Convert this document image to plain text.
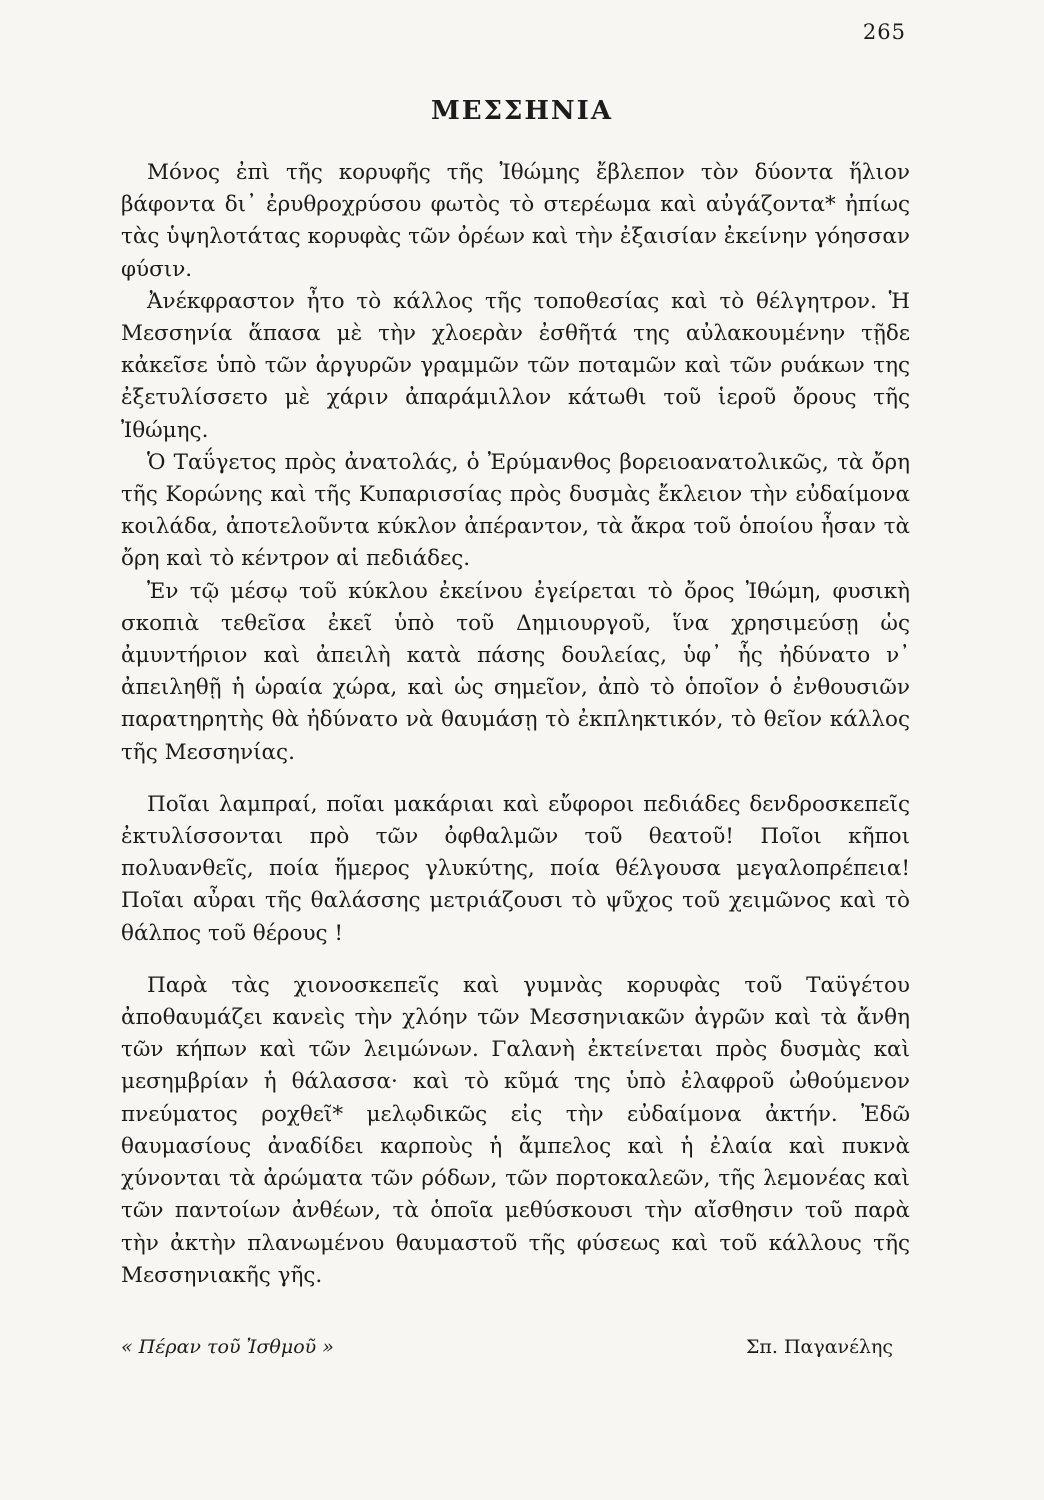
265
ΜΕΣΣΗΝΙΑ

Μόνος ἐπὶ τῆς κορυφῆς τῆς Ἰθώμης ἔβλεπον τὸν δύοντα ἥλιον βάφοντα δι᾽ ἐρυθροχρύσου φωτὸς τὸ στερέωμα καὶ αὐγάζοντα* ἠπίως τὰς ὑψηλοτάτας κορυφὰς τῶν ὀρέων καὶ τὴν ἐξαισίαν ἐκείνην γόησσαν φύσιν.

Ἀνέκφραστον ἦτο τὸ κάλλος τῆς τοποθεσίας καὶ τὸ θέλγητρον. Ἡ Μεσσηνία ἅπασα μὲ τὴν χλοερὰν ἐσθῆτά της αὐλακουμένην τῇδε κἀκεῖσε ὑπὸ τῶν ἀργυρῶν γραμμῶν τῶν ποταμῶν καὶ τῶν ρυάκων της ἐξετυλίσσετο μὲ χάριν ἀπαράμιλλον κάτωθι τοῦ ἱεροῦ ὄρους τῆς Ἰθώμης.

Ὁ Ταΰγετος πρὸς ἀνατολάς, ὁ Ἐρύμανθος βορειοανατολικῶς, τὰ ὄρη τῆς Κορώνης καὶ τῆς Κυπαρισσίας πρὸς δυσμὰς ἔκλειον τὴν εὐδαίμονα κοιλάδα, ἀποτελοῦντα κύκλον ἀπέραντον, τὰ ἄκρα τοῦ ὁποίου ἦσαν τὰ ὄρη καὶ τὸ κέντρον αἱ πεδιάδες.

Ἐν τῷ μέσῳ τοῦ κύκλου ἐκείνου ἐγείρεται τὸ ὄρος Ἰθώμη, φυσικὴ σκοπιὰ τεθεῖσα ἐκεῖ ὑπὸ τοῦ Δημιουργοῦ, ἵνα χρησιμεύσῃ ὡς ἀμυντήριον καὶ ἀπειλὴ κατὰ πάσης δουλείας, ὑφ᾽ ἧς ἠδύνατο ν᾽ ἀπειληθῇ ἡ ὡραία χώρα, καὶ ὡς σημεῖον, ἀπὸ τὸ ὁποῖον ὁ ἐνθουσιῶν παρατηρητὴς θὰ ἠδύνατο νὰ θαυμάσῃ τὸ ἐκπληκτικόν, τὸ θεῖον κάλλος τῆς Μεσσηνίας.

Ποῖαι λαμπραί, ποῖαι μακάριαι καὶ εὔφοροι πεδιάδες δενδροσκεπεῖς ἐκτυλίσσονται πρὸ τῶν ὀφθαλμῶν τοῦ θεατοῦ! Ποῖοι κῆποι πολυανθεῖς, ποία ἥμερος γλυκύτης, ποία θέλγουσα μεγαλοπρέπεια! Ποῖαι αὖραι τῆς θαλάσσης μετριάζουσι τὸ ψῦχος τοῦ χειμῶνος καὶ τὸ θάλπος τοῦ θέρους !

Παρὰ τὰς χιονοσκεπεῖς καὶ γυμνὰς κορυφὰς τοῦ Ταϋγέτου ἀποθαυμάζει κανεὶς τὴν χλόην τῶν Μεσσηνιακῶν ἀγρῶν καὶ τὰ ἄνθη τῶν κήπων καὶ τῶν λειμώνων. Γαλανὴ ἐκτείνεται πρὸς δυσμὰς καὶ μεσημβρίαν ἡ θάλασσα· καὶ τὸ κῦμά της ὑπὸ ἐλαφροῦ ὠθούμενον πνεύματος ροχθεῖ* μελῳδικῶς εἰς τὴν εὐδαίμονα ἀκτήν. Ἐδῶ θαυμασίους ἀναδίδει καρποὺς ἡ ἄμπελος καὶ ἡ ἐλαία καὶ πυκνὰ χύνονται τὰ ἀρώματα τῶν ρόδων, τῶν πορτοκαλεῶν, τῆς λεμονέας καὶ τῶν παντοίων ἀνθέων, τὰ ὁποῖα μεθύσκουσι τὴν αἴσθησιν τοῦ παρὰ τὴν ἀκτὴν πλανωμένου θαυμαστοῦ τῆς φύσεως καὶ τοῦ κάλλους τῆς Μεσσηνιακῆς γῆς.

« Πέραν τοῦ Ἰσθμοῦ »	Σπ. Παγανέλης
